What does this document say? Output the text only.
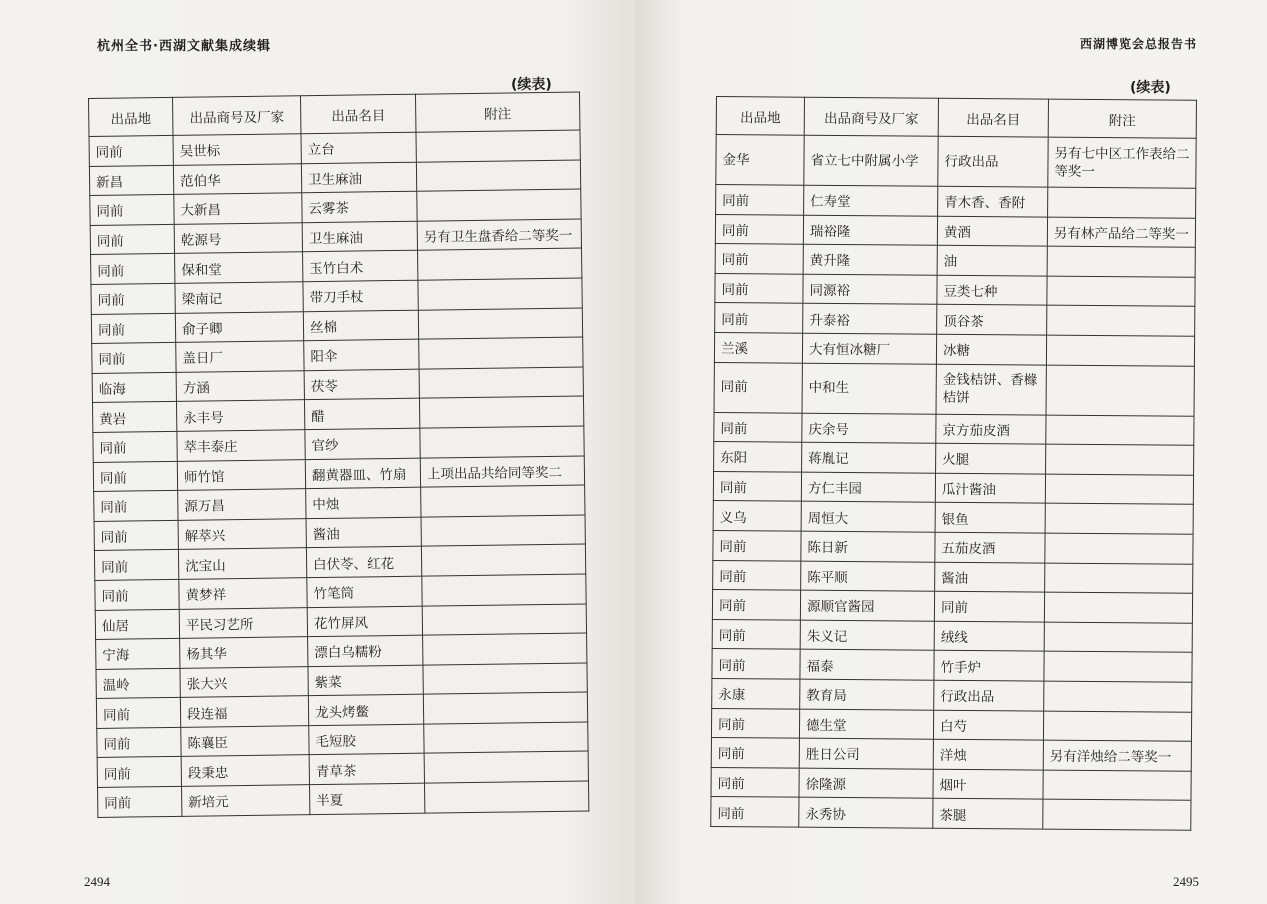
杭州全书·西湖文献集成续辑
(续表)
出品地	出品商号及厂家	出品名目	附注
同前	吴世标	立台	
新昌	范伯华	卫生麻油	
同前	大新昌	云雾茶	
同前	乾源号	卫生麻油	另有卫生盘香给二等奖一
同前	保和堂	玉竹白术	
同前	梁南记	带刀手杖	
同前	俞子卿	丝棉	
同前	盖日厂	阳伞	
临海	方涵	茯苓	
黄岩	永丰号	醋	
同前	萃丰泰庄	官纱	
同前	师竹馆	翻黄器皿、竹扇	上项出品共给同等奖二
同前	源万昌	中烛	
同前	解萃兴	酱油	
同前	沈宝山	白伏苓、红花	
同前	黄梦祥	竹笔筒	
仙居	平民习艺所	花竹屏风	
宁海	杨其华	漂白乌糯粉	
温岭	张大兴	紫菜	
同前	段连福	龙头烤鳖	
同前	陈襄臣	毛短胶	
同前	段秉忠	青草茶	
同前	新培元	半夏	
2494
西湖博览会总报告书
(续表)
出品地	出品商号及厂家	出品名目	附注
金华	省立七中附属小学	行政出品	另有七中区工作表给二等奖一
同前	仁寿堂	青木香、香附	
同前	瑞裕隆	黄酒	另有林产品给二等奖一
同前	黄升隆	油	
同前	同源裕	豆类七种	
同前	升泰裕	顶谷茶	
兰溪	大有恒冰糖厂	冰糖	
同前	中和生	金钱桔饼、香橼桔饼	
同前	庆余号	京方茄皮酒	
东阳	蒋胤记	火腿	
同前	方仁丰园	瓜汁酱油	
义乌	周恒大	银鱼	
同前	陈日新	五茄皮酒	
同前	陈平顺	酱油	
同前	源顺官酱园	同前	
同前	朱义记	绒线	
同前	福泰	竹手炉	
永康	教育局	行政出品	
同前	德生堂	白芍	
同前	胜日公司	洋烛	另有洋烛给二等奖一
同前	徐隆源	烟叶	
同前	永秀协	茶腿	
2495
